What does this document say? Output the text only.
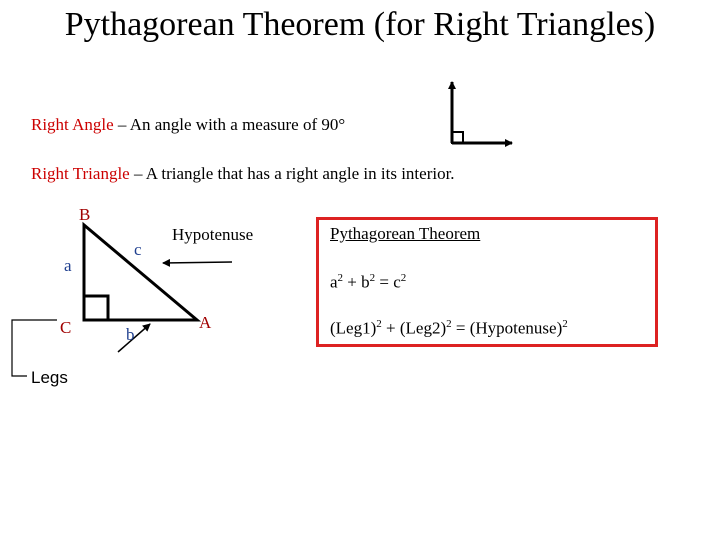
Pythagorean Theorem (for Right Triangles)
Right Angle – An angle with a measure of 90°
Right Triangle – A triangle that has a right angle in its interior.
B
a
c
C	b
A
Hypotenuse
Legs
Pythagorean Theorem
$a^2 + b^2 = c^2$
$(Leg1)^2 + (Leg2)^2$ = (Hypotenuse)$^2$
